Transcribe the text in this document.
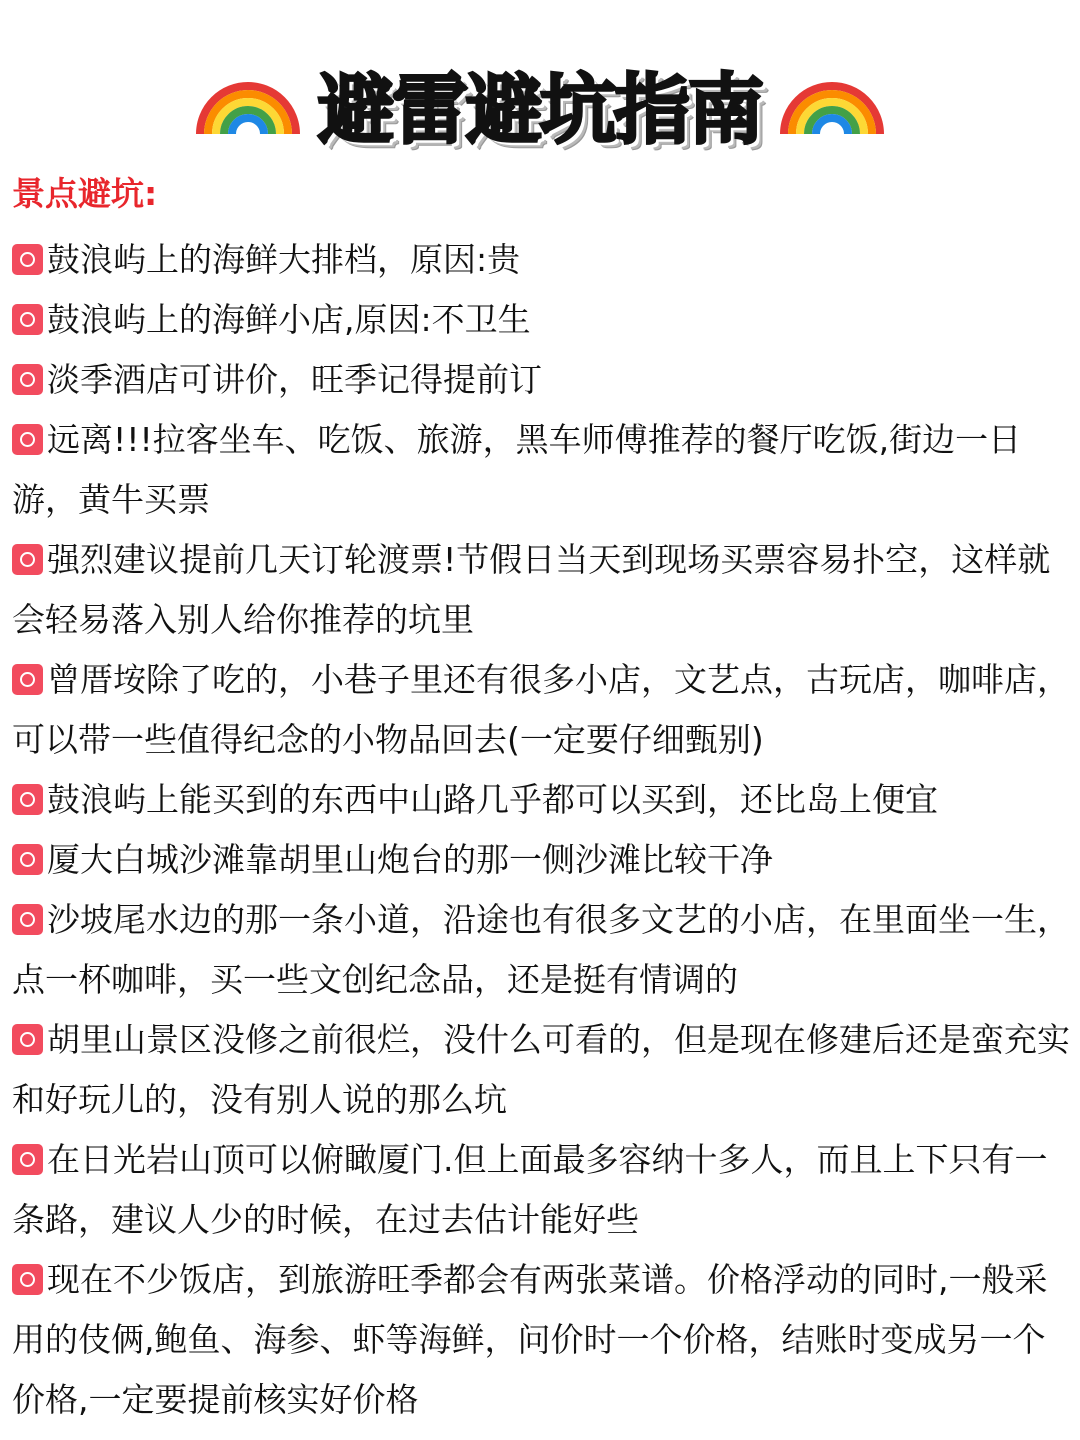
避雷避坑指南
景点避坑:

鼓浪屿上的海鲜大排档，原因:贵

鼓浪屿上的海鲜小店,原因:不卫生

淡季酒店可讲价，旺季记得提前订

远离!!!拉客坐车、吃饭、旅游，黑车师傅推荐的餐厅吃饭,街边一日游，黄牛买票

强烈建议提前几天订轮渡票!节假日当天到现场买票容易扑空，这样就会轻易落入别人给你推荐的坑里

曾厝垵除了吃的，小巷子里还有很多小店，文艺点，古玩店，咖啡店，可以带一些值得纪念的小物品回去(一定要仔细甄别)

鼓浪屿上能买到的东西中山路几乎都可以买到，还比岛上便宜

厦大白城沙滩靠胡里山炮台的那一侧沙滩比较干净

沙坡尾水边的那一条小道，沿途也有很多文艺的小店，在里面坐一生，点一杯咖啡，买一些文创纪念品，还是挺有情调的

胡里山景区没修之前很烂，没什么可看的，但是现在修建后还是蛮充实和好玩儿的，没有别人说的那么坑

在日光岩山顶可以俯瞰厦门.但上面最多容纳十多人，而且上下只有一条路，建议人少的时候，在过去估计能好些

现在不少饭店，到旅游旺季都会有两张菜谱。价格浮动的同时,一般采用的伎俩,鲍鱼、海参、虾等海鲜，问价时一个价格，结账时变成另一个价格,一定要提前核实好价格
